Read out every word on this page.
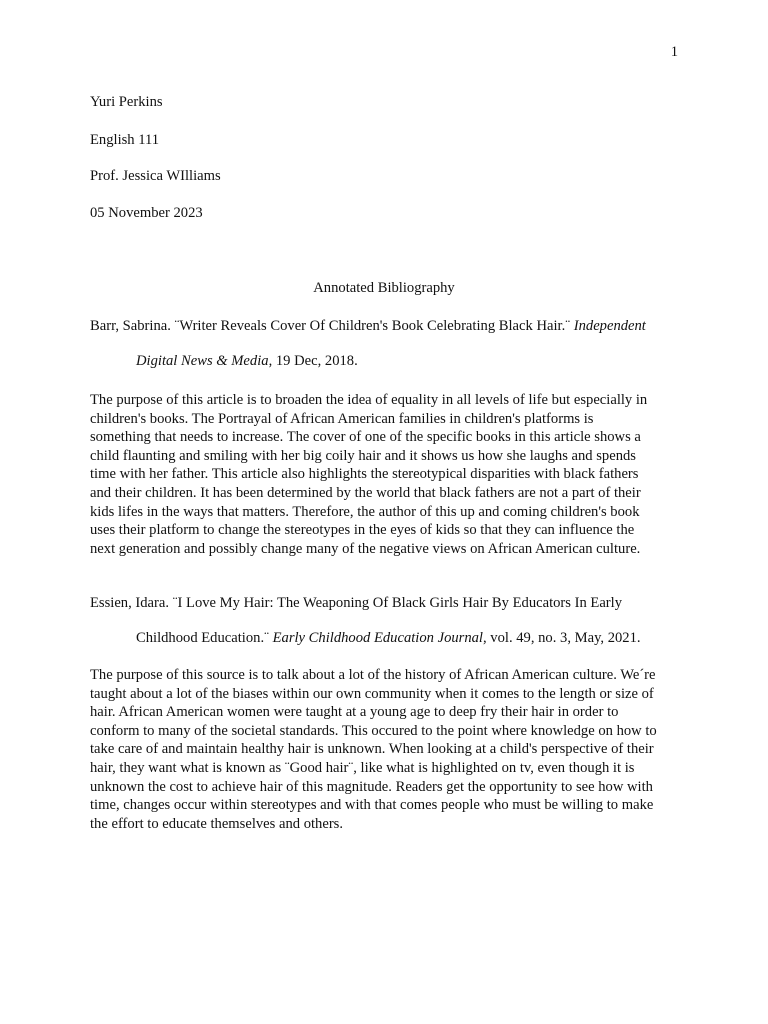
1
Yuri Perkins
English 111
Prof. Jessica WIlliams
05 November 2023
Annotated Bibliography
Barr, Sabrina. ¨Writer Reveals Cover Of Children's Book Celebrating Black Hair.¨ Independent
Digital News & Media, 19 Dec, 2018.

The purpose of this article is to broaden the idea of equality in all levels of life but especially in
children's books. The Portrayal of African American families in children's platforms is
something that needs to increase. The cover of one of the specific books in this article shows a
child flaunting and smiling with her big coily hair and it shows us how she laughs and spends
time with her father. This article also highlights the stereotypical disparities with black fathers
and their children. It has been determined by the world that black fathers are not a part of their
kids lifes in the ways that matters. Therefore, the author of this up and coming children's book
uses their platform to change the stereotypes in the eyes of kids so that they can influence the
next generation and possibly change many of the negative views on African American culture.

Essien, Idara. ¨I Love My Hair: The Weaponing Of Black Girls Hair By Educators In Early
Childhood Education.¨ Early Childhood Education Journal, vol. 49, no. 3, May, 2021.

The purpose of this source is to talk about a lot of the history of African American culture. We´re
taught about a lot of the biases within our own community when it comes to the length or size of
hair. African American women were taught at a young age to deep fry their hair in order to
conform to many of the societal standards. This occured to the point where knowledge on how to
take care of and maintain healthy hair is unknown. When looking at a child's perspective of their
hair, they want what is known as ¨Good hair¨, like what is highlighted on tv, even though it is
unknown the cost to achieve hair of this magnitude. Readers get the opportunity to see how with
time, changes occur within stereotypes and with that comes people who must be willing to make
the effort to educate themselves and others.
